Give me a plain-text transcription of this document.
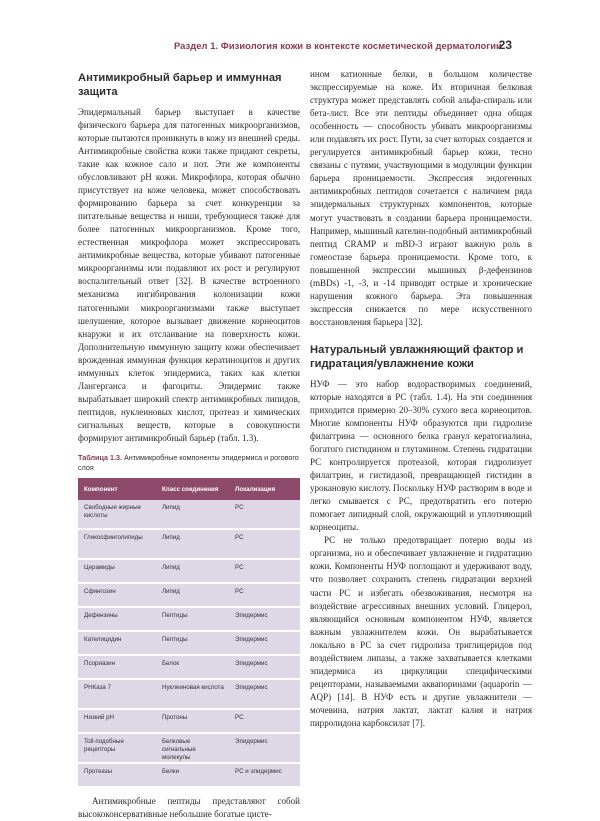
Раздел 1. Физиология кожи в контексте косметической дерматологии
23
Антимикробный барьер и иммунная защита

Эпидермальный барьер выступает в качестве физического барьера для патогенных микроорганизмов, которые пытаются проникнуть в кожу из внешней среды. Антимикробные свойства кожи также придают секреты, такие как кожное сало и пот. Эти же компоненты обусловливают рН кожи. Микрофлора, которая обычно присутствует на коже человека, может способствовать формированию барьера за счет конкуренции за питательные вещества и ниши, требующиеся также для более патогенных микроорганизмов. Кроме того, естественная микрофлора может экспрессировать антимикробные вещества, которые убивают патогенные микроорганизмы или подавляют их рост и регулируют воспалительный ответ [32]. В качестве встроенного механизма ингибирования колонизации кожи патогенными микроорганизмами также выступает шелушение, которое вызывает движение корнеоцитов кнаружи и их отслаивание на поверхность кожи. Дополнительную иммунную защиту кожи обеспечивает врожденная иммунная функция кератиноцитов и других иммунных клеток эпидермиса, таких как клетки Лангерганса и фагоциты. Эпидермис также вырабатывает широкий спектр антимикробных липидов, пептидов, нуклеиновых кислот, протеаз и химических сигнальных веществ, которые в совокупности формируют антимикробный барьер (табл. 1.3).

Таблица 1.3. Антимикробные компоненты эпидермиса и рогового слоя
Компонент	Класс соединения	Локализация
Свободные жирные кислоты	Липид	РС
Гликосфинголипиды	Липид	РС
Церамиды	Липид	РС
Сфингозин	Липид	РС
Дефензины	Пептиды	Эпидермис
Кателицидин	Пептиды	Эпидермис
Псориазин	Белок	Эпидермис
РНКаза 7	Нуклеиновая кислота	Эпидермис
Низкий рН	Протоны	РС
Toll-подобные рецепторы	Белковые сигнальные молекулы	Эпидермис
Протеазы	Белки	РС и эпидермис

Антимикробные пептиды представляют собой высококонсервативные небольшие богатые цисте-

ином катионные белки, в большом количестве экспрессируемые на коже. Их вторичная белковая структура может представлять собой альфа-спираль или бета-лист. Все эти пептиды объединяет одна общая особенность — способность убивать микроорганизмы или подавлять их рост. Пути, за счет которых создается и регулируется антимикробный барьер кожи, тесно связаны с путями, участвующими в модуляции функции барьера проницаемости. Экспрессия эндогенных антимикробных пептидов сочетается с наличием ряда эпидермальных структурных компонентов, которые могут участвовать в создании барьера проницаемости. Например, мышиный кателин-подобный антимикробный пептид CRAMP и mBD-3 играют важную роль в гомеостазе барьера проницаемости. Кроме того, к повышенной экспрессии мышиных β-дефензинов (mBDs) -1, -3, и -14 приводят острые и хронические нарушения кожного барьера. Эта повышенная экспрессия снижается по мере искусственного восстановления барьера [32].

Натуральный увлажняющий фактор и гидратация/увлажнение кожи

НУФ — это набор водорастворимых соединений, которые находятся в РС (табл. 1.4). На эти соединения приходится примерно 20–30% сухого веса корнеоцитов. Многие компоненты НУФ образуются при гидролизе филаггрина — основного белка гранул кератогиалина, богатого гистидином и глутамином. Степень гидратации РС контролируется протеазой, которая гидролизует филаггрин, и гистидазой, превращающей гистидин в урокановую кислоту. Поскольку НУФ растворим в воде и легко смывается с РС, предотвратить его потерю помогает липидный слой, окружающий и уплотняющий корнеоциты.

РС не только предотвращает потерю воды из организма, но и обеспечивает увлажнение и гидратацию кожи. Компоненты НУФ поглощают и удерживают воду, что позволяет сохранить степень гидратации верхней части РС и избегать обезвоживания, несмотря на воздействие агрессивных внешних условий. Глицерол, являющийся основным компонентом НУФ, является важным увлажнителем кожи. Он вырабатывается локально в РС за счет гидролиза триглицеридов под воздействием липазы, а также захватывается клетками эпидермиса из циркуляции специфическими рецепторами, называемыми аквапоринами (aquaporin — AQP) [14]. В НУФ есть и другие увлажнители — мочевина, натрия лактат, лактат калия и натрия пирролидона карбоксилат [7].
